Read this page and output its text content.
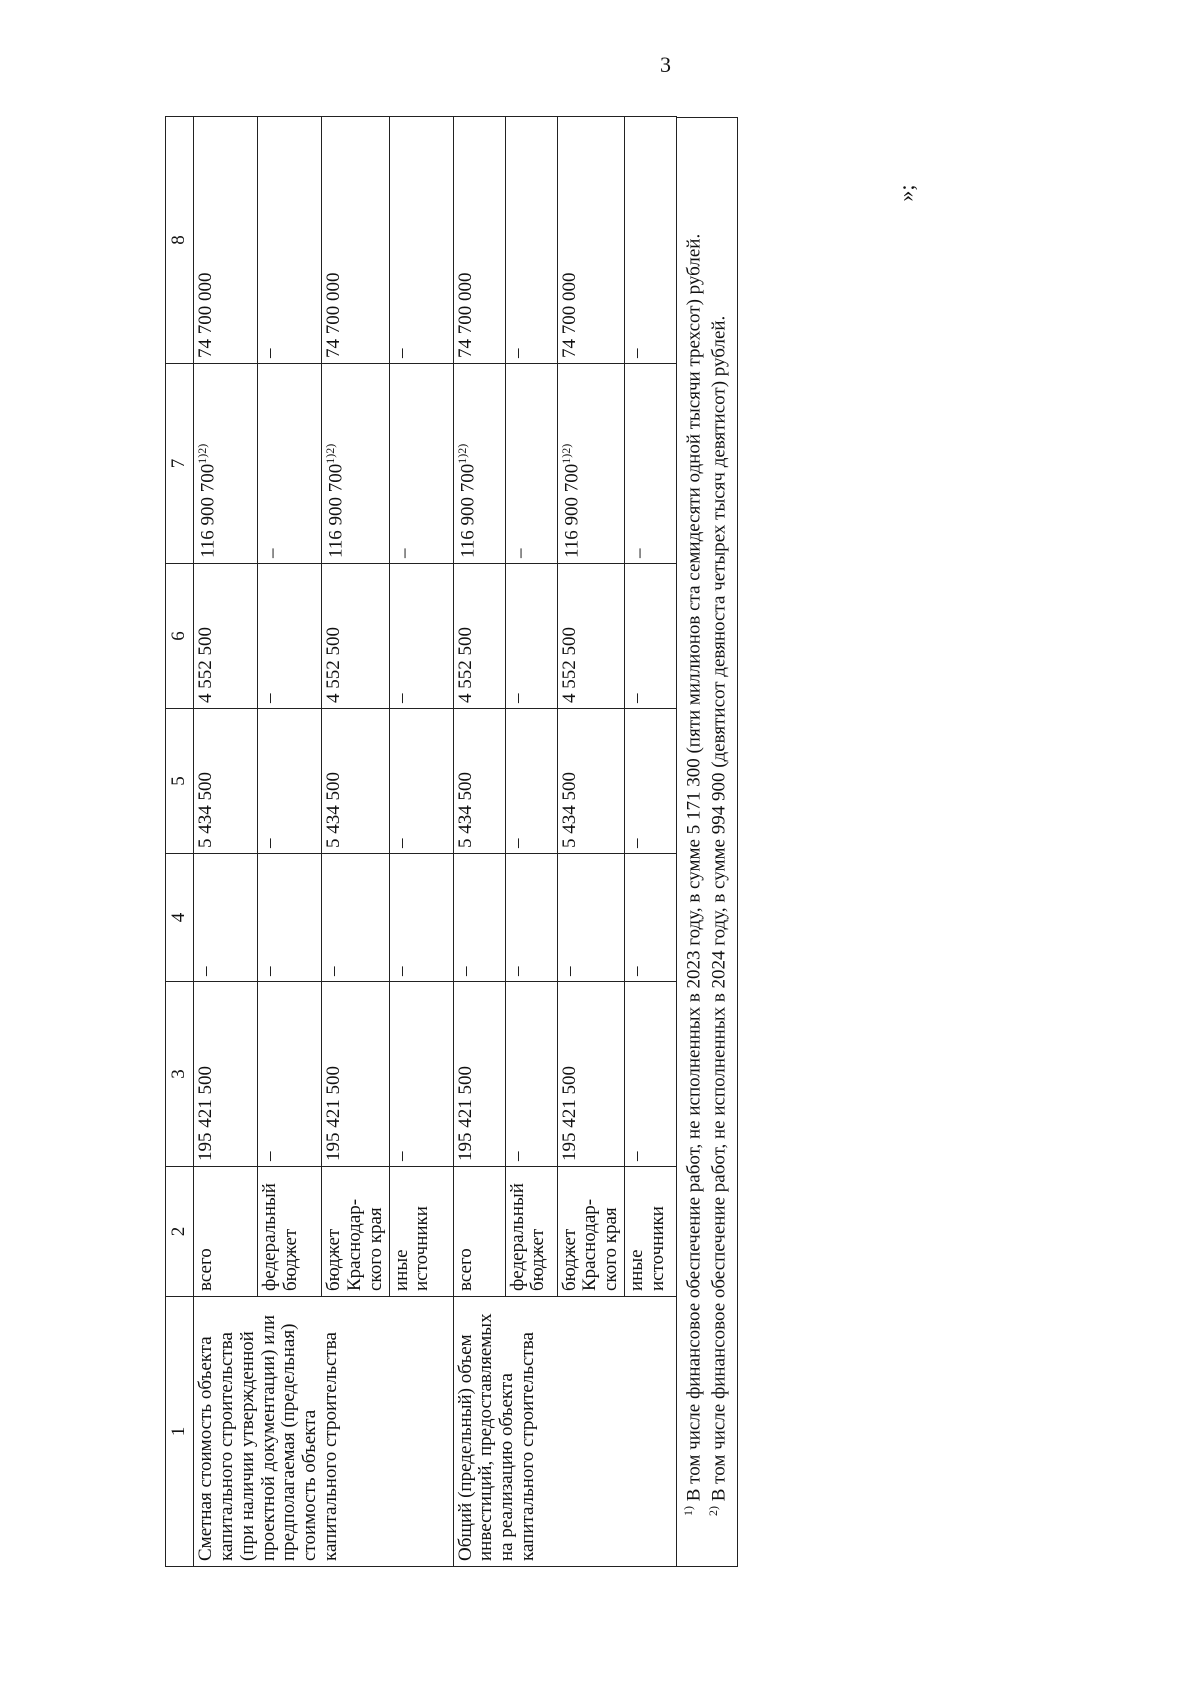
3
1	2	3	4	5	6	7	8
Сметная стоимость объекта капитального строительства (при наличии утвержденной проектной документации) или предполагаемая (предельная) стоимость объекта капитального строительства	всего	195 421 500	–	5 434 500	4 552 500	116 900 700$^{1)2)}$	74 700 000
	федеральный бюджет	–	–	–	–	–	–
	бюджет Краснодар- ского края	195 421 500	–	5 434 500	4 552 500	116 900 700$^{1)2)}$	74 700 000
	иные источники	–	–	–	–	–	–
Общий (предельный) объем инвестиций, предоставляемых на реализацию объекта капитального строительства	всего	195 421 500	–	5 434 500	4 552 500	116 900 700$^{1)2)}$	74 700 000
	федеральный бюджет	–	–	–	–	–	–
	бюджет Краснодар- ского края	195 421 500	–	5 434 500	4 552 500	116 900 700$^{1)2)}$	74 700 000
	иные источники	–	–	–	–	–	–

$^{1)}$ В том числе финансовое обеспечение работ, не исполненных в 2023 году, в сумме 5 171 300 (пяти миллионов ста семидесяти одной тысячи трехсот) рублей.

$^{2)}$ В том числе финансовое обеспечение работ, не исполненных в 2024 году, в сумме 994 900 (девятисот девяноста четырех тысяч девятисот) рублей.

»;
